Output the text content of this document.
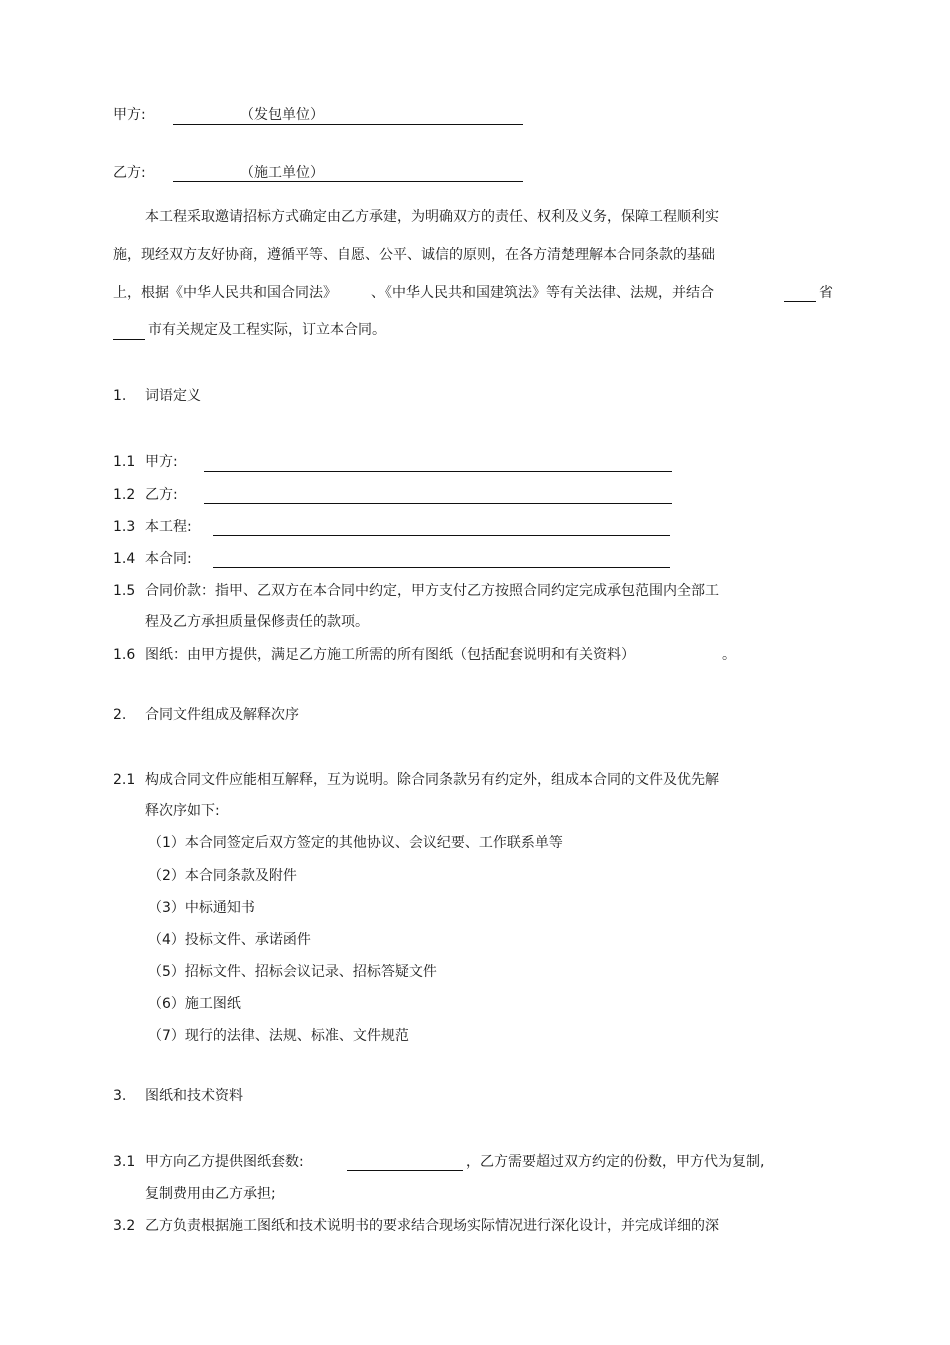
甲方:	（发包单位）
乙方:	（施工单位）
本工程采取邀请招标方式确定由乙方承建，为明确双方的责任、权利及义务，保障工程顺利实
施，现经双方友好协商，遵循平等、自愿、公平、诚信的原则，在各方清楚理解本合同条款的基础
上，根据《中华人民共和国合同法》 、《中华人民共和国建筑法》等有关法律、法规，并结合	省
市有关规定及工程实际，订立本合同。
1. 词语定义
1.1 甲方:
1.2 乙方:
1.3 本工程:
1.4 本合同:
1.5 合同价款：指甲、乙双方在本合同中约定，甲方支付乙方按照合同约定完成承包范围内全部工
程及乙方承担质量保修责任的款项。
1.6 图纸：由甲方提供，满足乙方施工所需的所有图纸（包括配套说明和有关资料）	。
2. 合同文件组成及解释次序
2.1 构成合同文件应能相互解释，互为说明。除合同条款另有约定外，组成本合同的文件及优先解
释次序如下:
（1）本合同签定后双方签定的其他协议、会议纪要、工作联系单等
（2）本合同条款及附件
（3）中标通知书
（4）投标文件、承诺函件
（5）招标文件、招标会议记录、招标答疑文件
（6）施工图纸
（7）现行的法律、法规、标准、文件规范
3. 图纸和技术资料
3.1 甲方向乙方提供图纸套数:	，乙方需要超过双方约定的份数，甲方代为复制,
复制费用由乙方承担;
3.2 乙方负责根据施工图纸和技术说明书的要求结合现场实际情况进行深化设计，并完成详细的深
